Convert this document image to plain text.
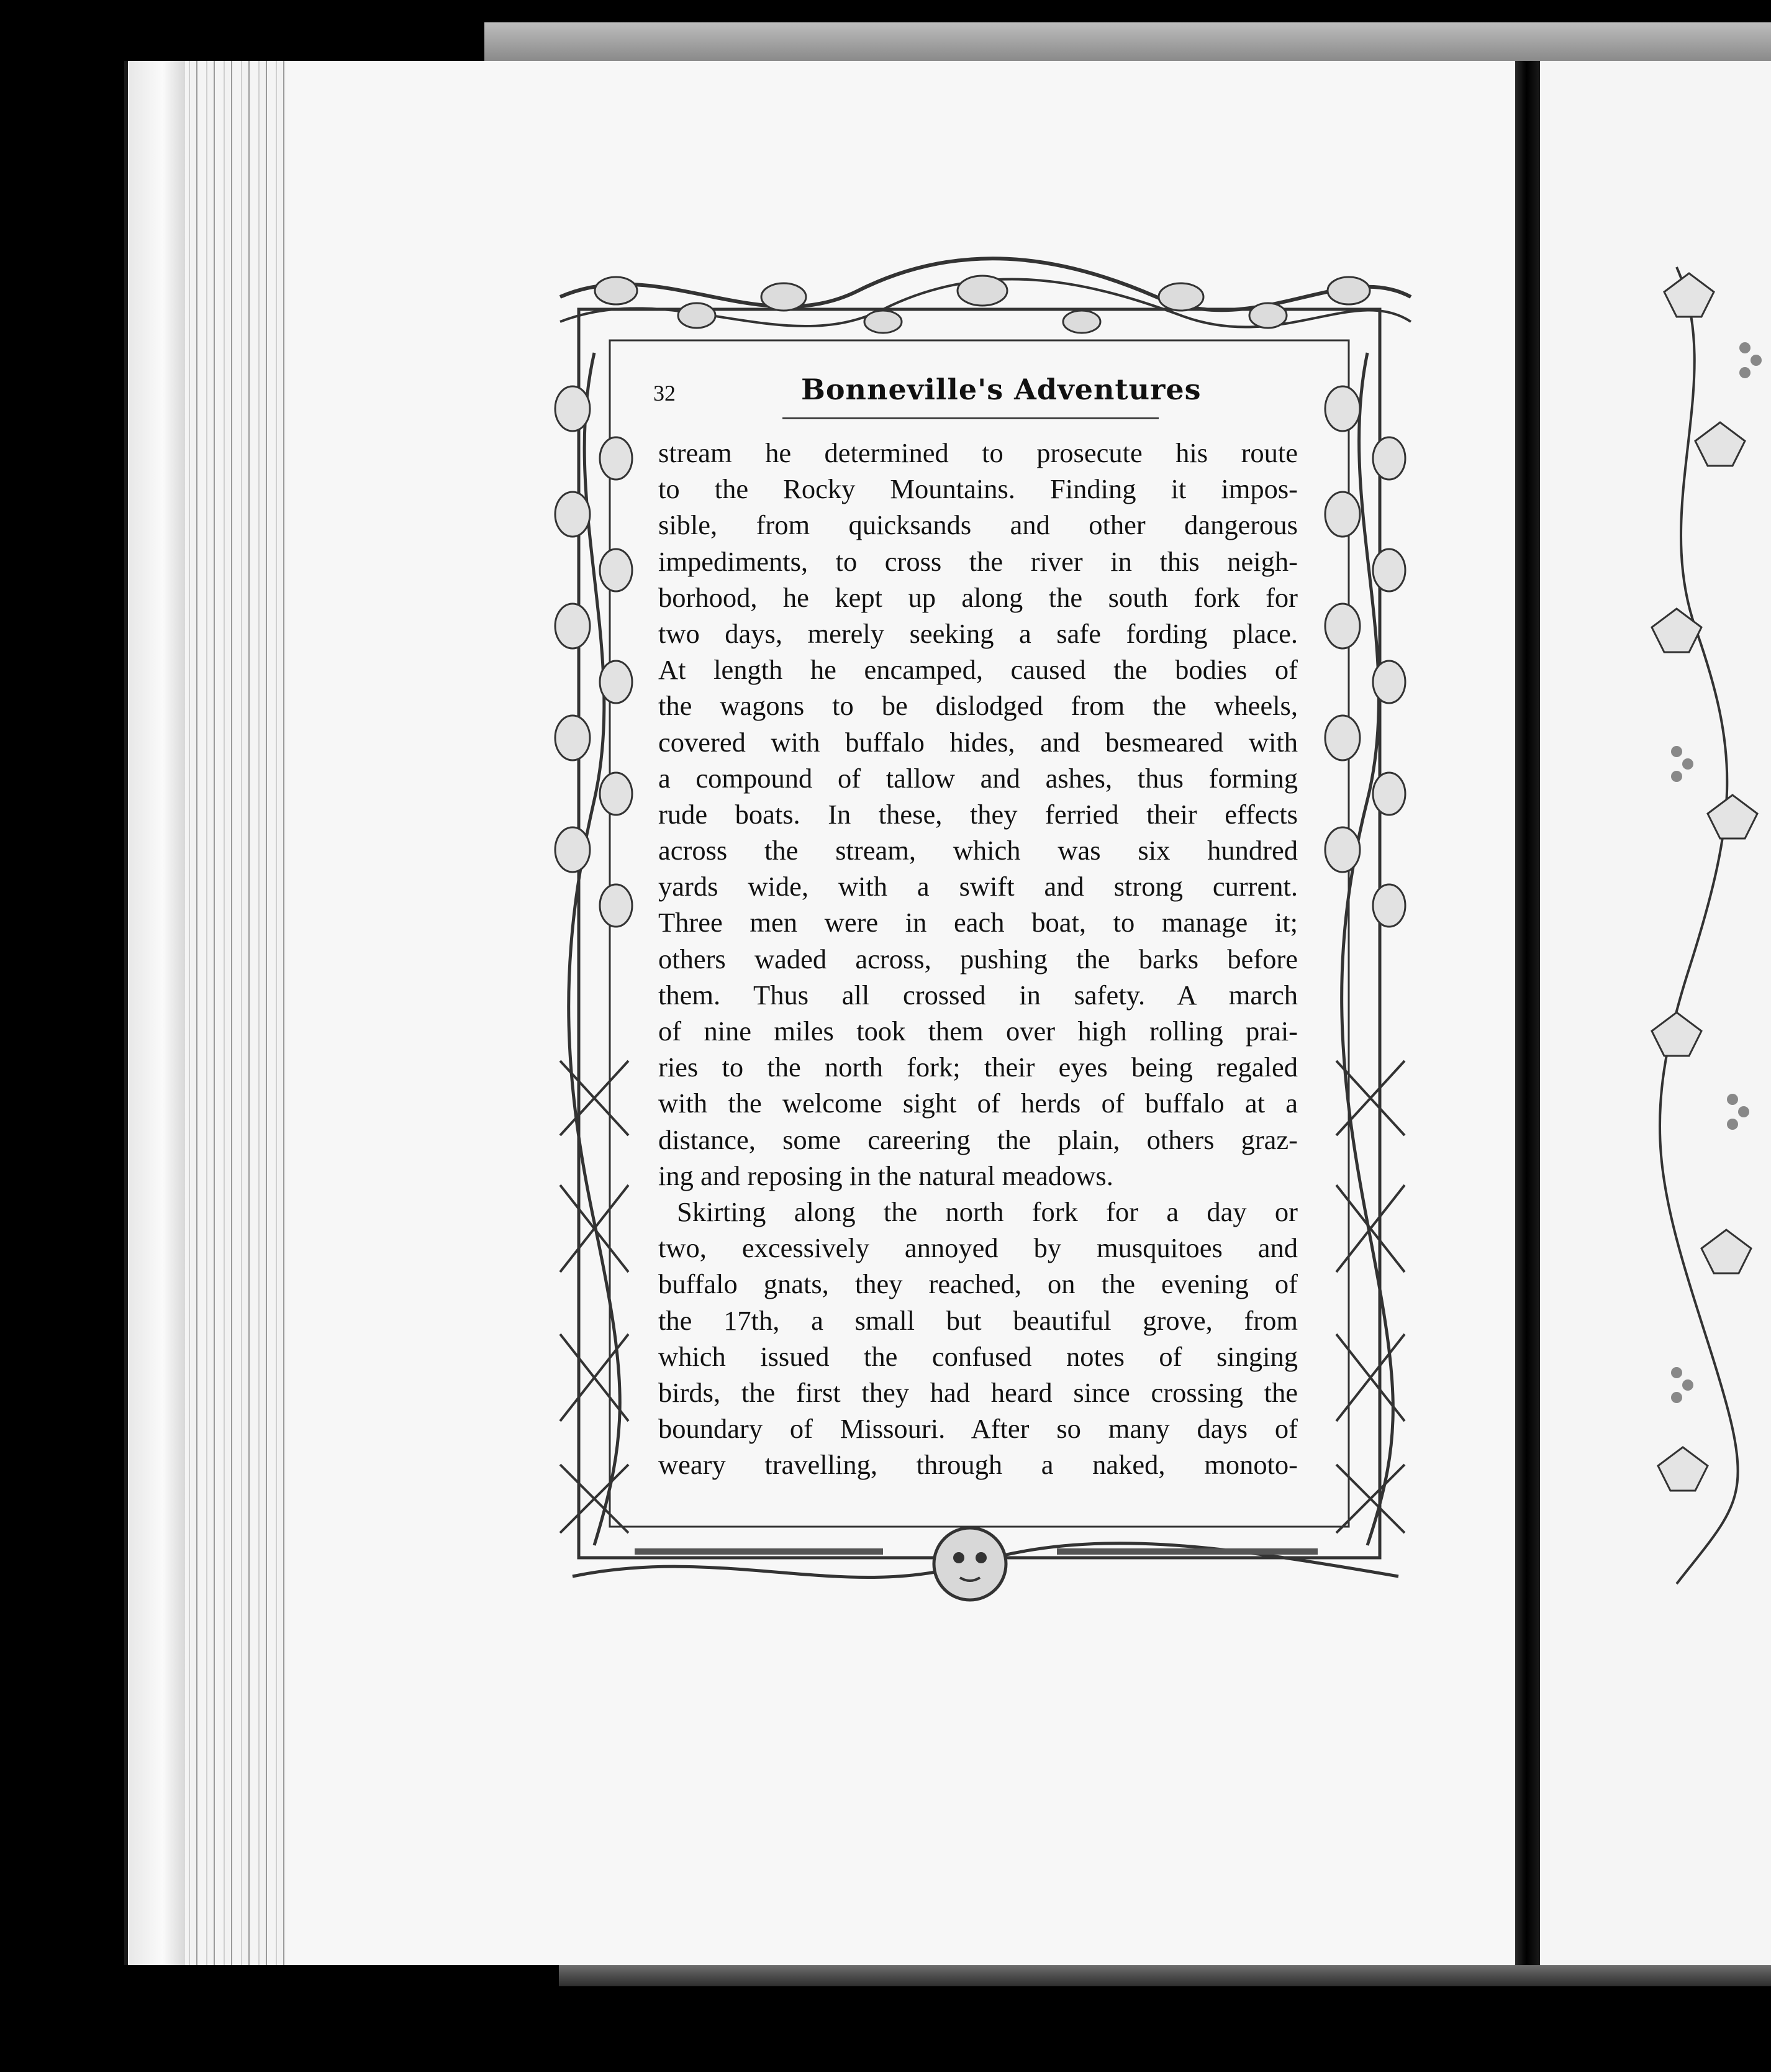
32	Bonneville's Adventures
stream he determined to prosecute his route
to the Rocky Mountains. Finding it impos-
sible, from quicksands and other dangerous
impediments, to cross the river in this neigh-
borhood, he kept up along the south fork for
two days, merely seeking a safe fording place.
At length he encamped, caused the bodies of
the wagons to be dislodged from the wheels,
covered with buffalo hides, and besmeared with
a compound of tallow and ashes, thus forming
rude boats. In these, they ferried their effects
across the stream, which was six hundred
yards wide, with a swift and strong current.
Three men were in each boat, to manage it;
others waded across, pushing the barks before
them. Thus all crossed in safety. A march
of nine miles took them over high rolling prai-
ries to the north fork; their eyes being regaled
with the welcome sight of herds of buffalo at a
distance, some careering the plain, others graz-
ing and reposing in the natural meadows.
Skirting along the north fork for a day or
two, excessively annoyed by musquitoes and
buffalo gnats, they reached, on the evening of
the 17th, a small but beautiful grove, from
which issued the confused notes of singing
birds, the first they had heard since crossing the
boundary of Missouri. After so many days of
weary travelling, through a naked, monoto-
